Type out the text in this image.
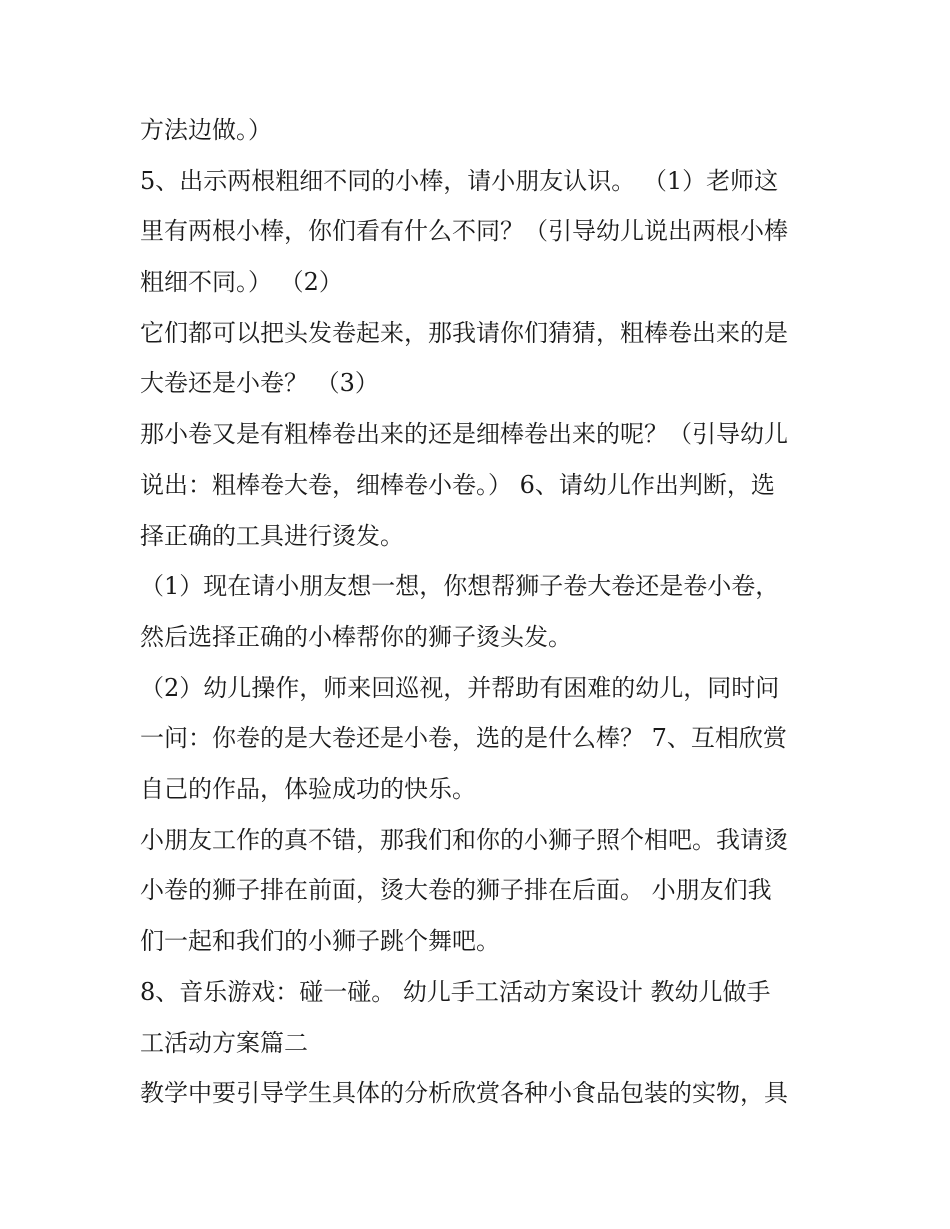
方法边做。）

5、出示两根粗细不同的小棒，请小朋友认识。 （1）老师这

里有两根小棒，你们看有什么不同？（引导幼儿说出两根小棒

粗细不同。） （2）

它们都可以把头发卷起来，那我请你们猜猜，粗棒卷出来的是

大卷还是小卷？ （3）

那小卷又是有粗棒卷出来的还是细棒卷出来的呢？（引导幼儿

说出：粗棒卷大卷，细棒卷小卷。） 6、请幼儿作出判断，选

择正确的工具进行烫发。

（1）现在请小朋友想一想，你想帮狮子卷大卷还是卷小卷，

然后选择正确的小棒帮你的狮子烫头发。

（2）幼儿操作，师来回巡视，并帮助有困难的幼儿，同时问

一问：你卷的是大卷还是小卷，选的是什么棒？ 7、互相欣赏

自己的作品，体验成功的快乐。

小朋友工作的真不错，那我们和你的小狮子照个相吧。我请烫

小卷的狮子排在前面，烫大卷的狮子排在后面。 小朋友们我

们一起和我们的小狮子跳个舞吧。

8、音乐游戏：碰一碰。 幼儿手工活动方案设计 教幼儿做手

工活动方案篇二

教学中要引导学生具体的分析欣赏各种小食品包装的实物，具
